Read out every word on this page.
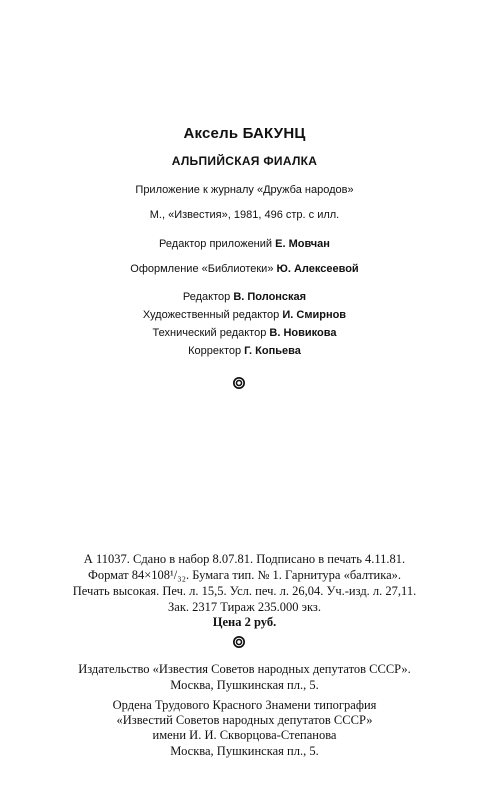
Аксель БАКУНЦ
АЛЬПИЙСКАЯ ФИАЛКА
Приложение к журналу «Дружба народов»
М., «Известия», 1981, 496 стр. с илл.
Редактор приложений Е. Мовчан
Оформление «Библиотеки» Ю. Алексеевой
Редактор В. Полонская
Художественный редактор И. Смирнов
Технический редактор В. Новикова
Корректор Г. Копьева
А 11037. Сдано в набор 8.07.81. Подписано в печать 4.11.81.
Формат 84×108¹/₃₂. Бумага тип. № 1. Гарнитура «балтика».
Печать высокая. Печ. л. 15,5. Усл. печ. л. 26,04. Уч.-изд. л. 27,11.
Зак. 2317 Тираж 235.000 экз.
Цена 2 руб.
Издательство «Известия Советов народных депутатов СССР».
Москва, Пушкинская пл., 5.
Ордена Трудового Красного Знамени типография
«Известий Советов народных депутатов СССР»
имени И. И. Скворцова-Степанова
Москва, Пушкинская пл., 5.
